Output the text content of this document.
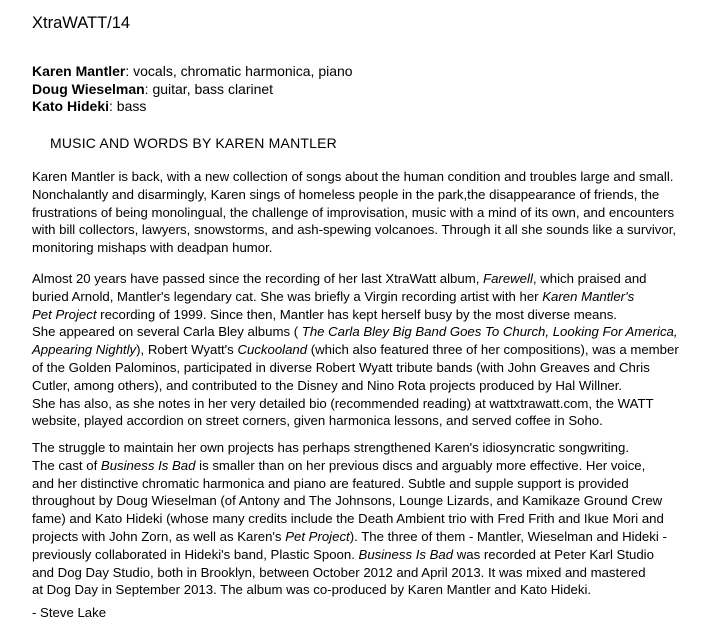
XtraWATT/14
Karen Mantler: vocals, chromatic harmonica, piano
Doug Wieselman: guitar, bass clarinet
Kato Hideki: bass
MUSIC AND WORDS BY KAREN MANTLER

Karen Mantler is back, with a new collection of songs about the human condition and troubles large and small.
Nonchalantly and disarmingly, Karen sings of homeless people in the park,the disappearance of friends, the
frustrations of being monolingual, the challenge of improvisation, music with a mind of its own, and encounters
with bill collectors, lawyers, snowstorms, and ash-spewing volcanoes. Through it all she sounds like a survivor,
monitoring mishaps with deadpan humor.

Almost 20 years have passed since the recording of her last XtraWatt album, Farewell, which praised and
buried Arnold, Mantler's legendary cat. She was briefly a Virgin recording artist with her Karen Mantler's
Pet Project recording of 1999. Since then, Mantler has kept herself busy by the most diverse means.
She appeared on several Carla Bley albums ( The Carla Bley Big Band Goes To Church, Looking For America,
Appearing Nightly), Robert Wyatt's Cuckooland (which also featured three of her compositions), was a member
of the Golden Palominos, participated in diverse Robert Wyatt tribute bands (with John Greaves and Chris
Cutler, among others), and contributed to the Disney and Nino Rota projects produced by Hal Willner.
She has also, as she notes in her very detailed bio (recommended reading) at wattxtrawatt.com, the WATT
website, played accordion on street corners, given harmonica lessons, and served coffee in Soho.

The struggle to maintain her own projects has perhaps strengthened Karen's idiosyncratic songwriting.
The cast of Business Is Bad is smaller than on her previous discs and arguably more effective. Her voice,
and her distinctive chromatic harmonica and piano are featured. Subtle and supple support is provided
throughout by Doug Wieselman (of Antony and The Johnsons, Lounge Lizards, and Kamikaze Ground Crew
fame) and Kato Hideki (whose many credits include the Death Ambient trio with Fred Frith and Ikue Mori and
projects with John Zorn, as well as Karen's Pet Project). The three of them - Mantler, Wieselman and Hideki -
previously collaborated in Hideki's band, Plastic Spoon. Business Is Bad was recorded at Peter Karl Studio
and Dog Day Studio, both in Brooklyn, between October 2012 and April 2013. It was mixed and mastered
at Dog Day in September 2013. The album was co-produced by Karen Mantler and Kato Hideki.

- Steve Lake
